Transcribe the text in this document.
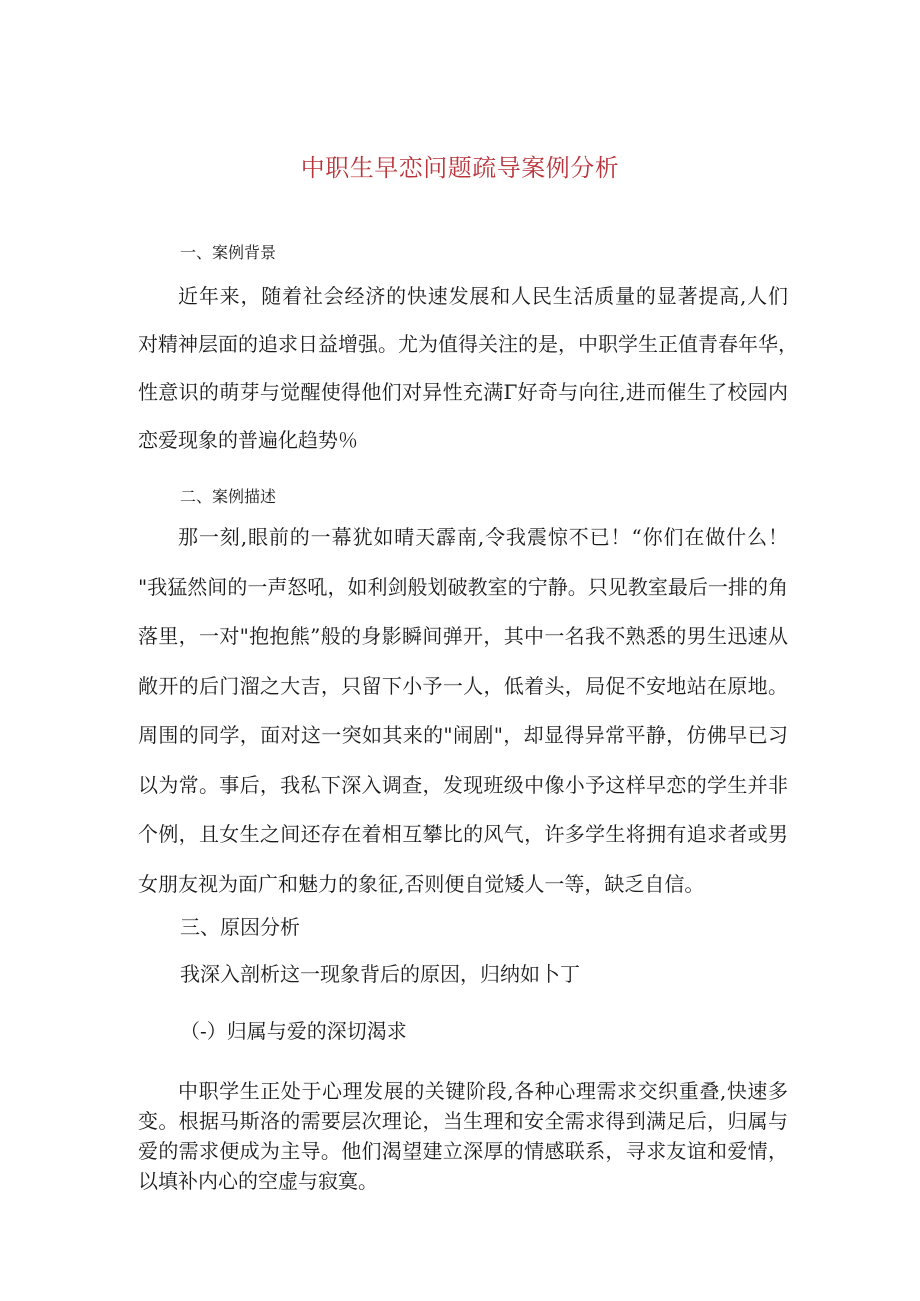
中职生早恋问题疏导案例分析
一、案例背景
近年来，随着社会经济的快速发展和人民生活质量的显著提高,人们
对精神层面的追求日益增强。尤为值得关注的是，中职学生正值青春年华，
性意识的萌芽与觉醒使得他们对异性充满Γ好奇与向往,进而催生了校园内
恋爱现象的普遍化趋势％
二、案例描述
那一刻,眼前的一幕犹如晴天霹南,令我震惊不已！“你们在做什么！
"我猛然间的一声怒吼，如利剑般划破教室的宁静。只见教室最后一排的角
落里，一对"抱抱熊”般的身影瞬间弹开，其中一名我不熟悉的男生迅速从
敞开的后门溜之大吉，只留下小予一人，低着头，局促不安地站在原地。
周围的同学，面对这一突如其来的"闹剧"，却显得异常平静，仿佛早已习
以为常。事后，我私下深入调查，发现班级中像小予这样早恋的学生并非
个例，且女生之间还存在着相互攀比的风气，许多学生将拥有追求者或男
女朋友视为面广和魅力的象征,否则便自觉矮人一等，缺乏自信。

三、原因分析

我深入剖析这一现象背后的原因，归纳如卜丁

（-）归属与爱的深切渴求

中职学生正处于心理发展的关键阶段,各种心理需求交织重叠,快速多
变。根据马斯洛的需要层次理论，当生理和安全需求得到满足后，归属与
爱的需求便成为主导。他们渴望建立深厚的情感联系，寻求友谊和爱情，
以填补内心的空虚与寂寞。
